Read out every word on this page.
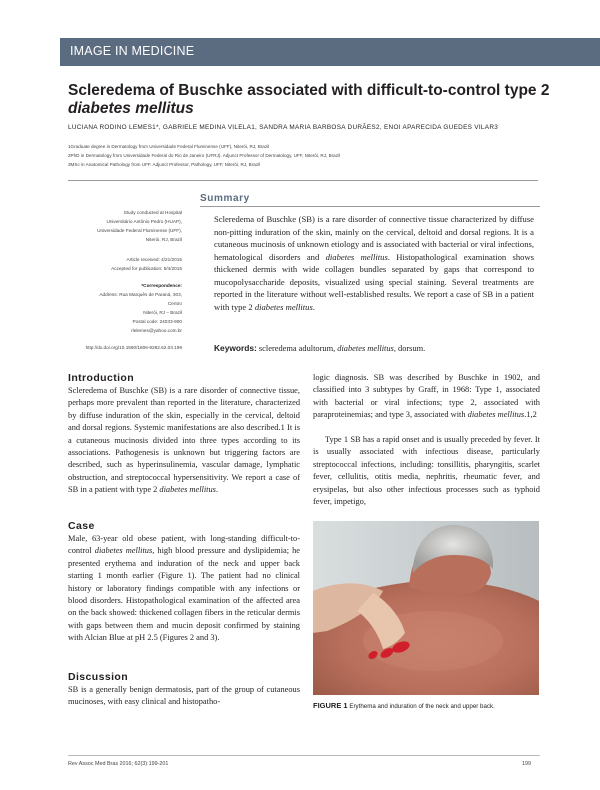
IMAGE IN MEDICINE
Scleredema of Buschke associated with difficult-to-control type 2
diabetes mellitus
LUCIANA RODINO LEMES1*, GABRIELE MEDINA VILELA1, SANDRA MARIA BARBOSA DURÃES2, ENOI APARECIDA GUEDES VILAR3
1Graduate degree in Dermatology from Universidade Federal Fluminense (UFF), Niterói, RJ, Brazil
2PhD in Dermatology from Universidade Federal do Rio de Janeiro (UFRJ). Adjunct Professor of Dermatology, UFF, Niterói, RJ, Brazil
3MSc in Anatomical Pathology from UFF. Adjunct Professor, Pathology, UFF, Niterói, RJ, Brazil
Summary

Scleredema of Buschke (SB) is a rare disorder of connective tissue characterized by diffuse non-pitting induration of the skin, mainly on the cervical, deltoid and dorsal regions. It is a cutaneous mucinosis of unknown etiology and is associated with bacterial or viral infections, hematological disorders and diabetes mellitus. Histopathological examination shows thickened dermis with wide collagen bundles separated by gaps that correspond to mucopolysaccharide deposits, visualized using special staining. Several treatments are reported in the literature without well-established results. We report a case of SB in a patient with type 2 diabetes mellitus.

Keywords: scleredema adultorum, diabetes mellitus, dorsum.

Study conducted at Hospital
Universitário Antônio Pedro (HUAP),
Universidade Federal Fluminense (UFF),
Niterói, RJ, Brazil
Article received: 4/21/2015
Accepted for publication: 5/4/2015
*Correspondence:
Address: Rua Marquês de Paraná, 303,
Centro
Niterói, RJ – Brazil
Postal code: 24033-900
rlelemes@yahoo.com.br
http://dx.doi.org/10.1590/1806-9282.62.03.199
Introduction

Scleredema of Buschke (SB) is a rare disorder of connective tissue, perhaps more prevalent than reported in the literature, characterized by diffuse induration of the skin, especially in the cervical, deltoid and dorsal regions. Systemic manifestations are also described.1 It is a cutaneous mucinosis divided into three types according to its associations. Pathogenesis is unknown but triggering factors are described, such as hyperinsulinemia, vascular damage, lymphatic obstruction, and streptococcal hypersensitivity. We report a case of SB in a patient with type 2 diabetes mellitus.

Case

Male, 63-year old obese patient, with long-standing difficult-to-control diabetes mellitus, high blood pressure and dyslipidemia; he presented erythema and induration of the neck and upper back starting 1 month earlier (Figure 1). The patient had no clinical history or laboratory findings compatible with any infections or blood disorders. Histopathological examination of the affected area on the back showed: thickened collagen fibers in the reticular dermis with gaps between them and mucin deposit confirmed by staining with Alcian Blue at pH 2.5 (Figures 2 and 3).

Discussion

SB is a generally benign dermatosis, part of the group of cutaneous mucinoses, with easy clinical and histopatho-

logic diagnosis. SB was described by Buschke in 1902, and classified into 3 subtypes by Graff, in 1968: Type 1, associated with bacterial or viral infections; type 2, associated with paraproteinemias; and type 3, associated with diabetes mellitus.1,2

Type 1 SB has a rapid onset and is usually preceded by fever. It is usually associated with infectious disease, particularly streptococcal infections, including: tonsillitis, pharyngitis, scarlet fever, cellulitis, otitis media, nephritis, rheumatic fever, and erysipelas, but also other infectious processes such as typhoid fever, impetigo,

FIGURE 1 Erythema and induration of the neck and upper back.
Rev Assoc Med Bras 2016; 62(3):199-201	199
